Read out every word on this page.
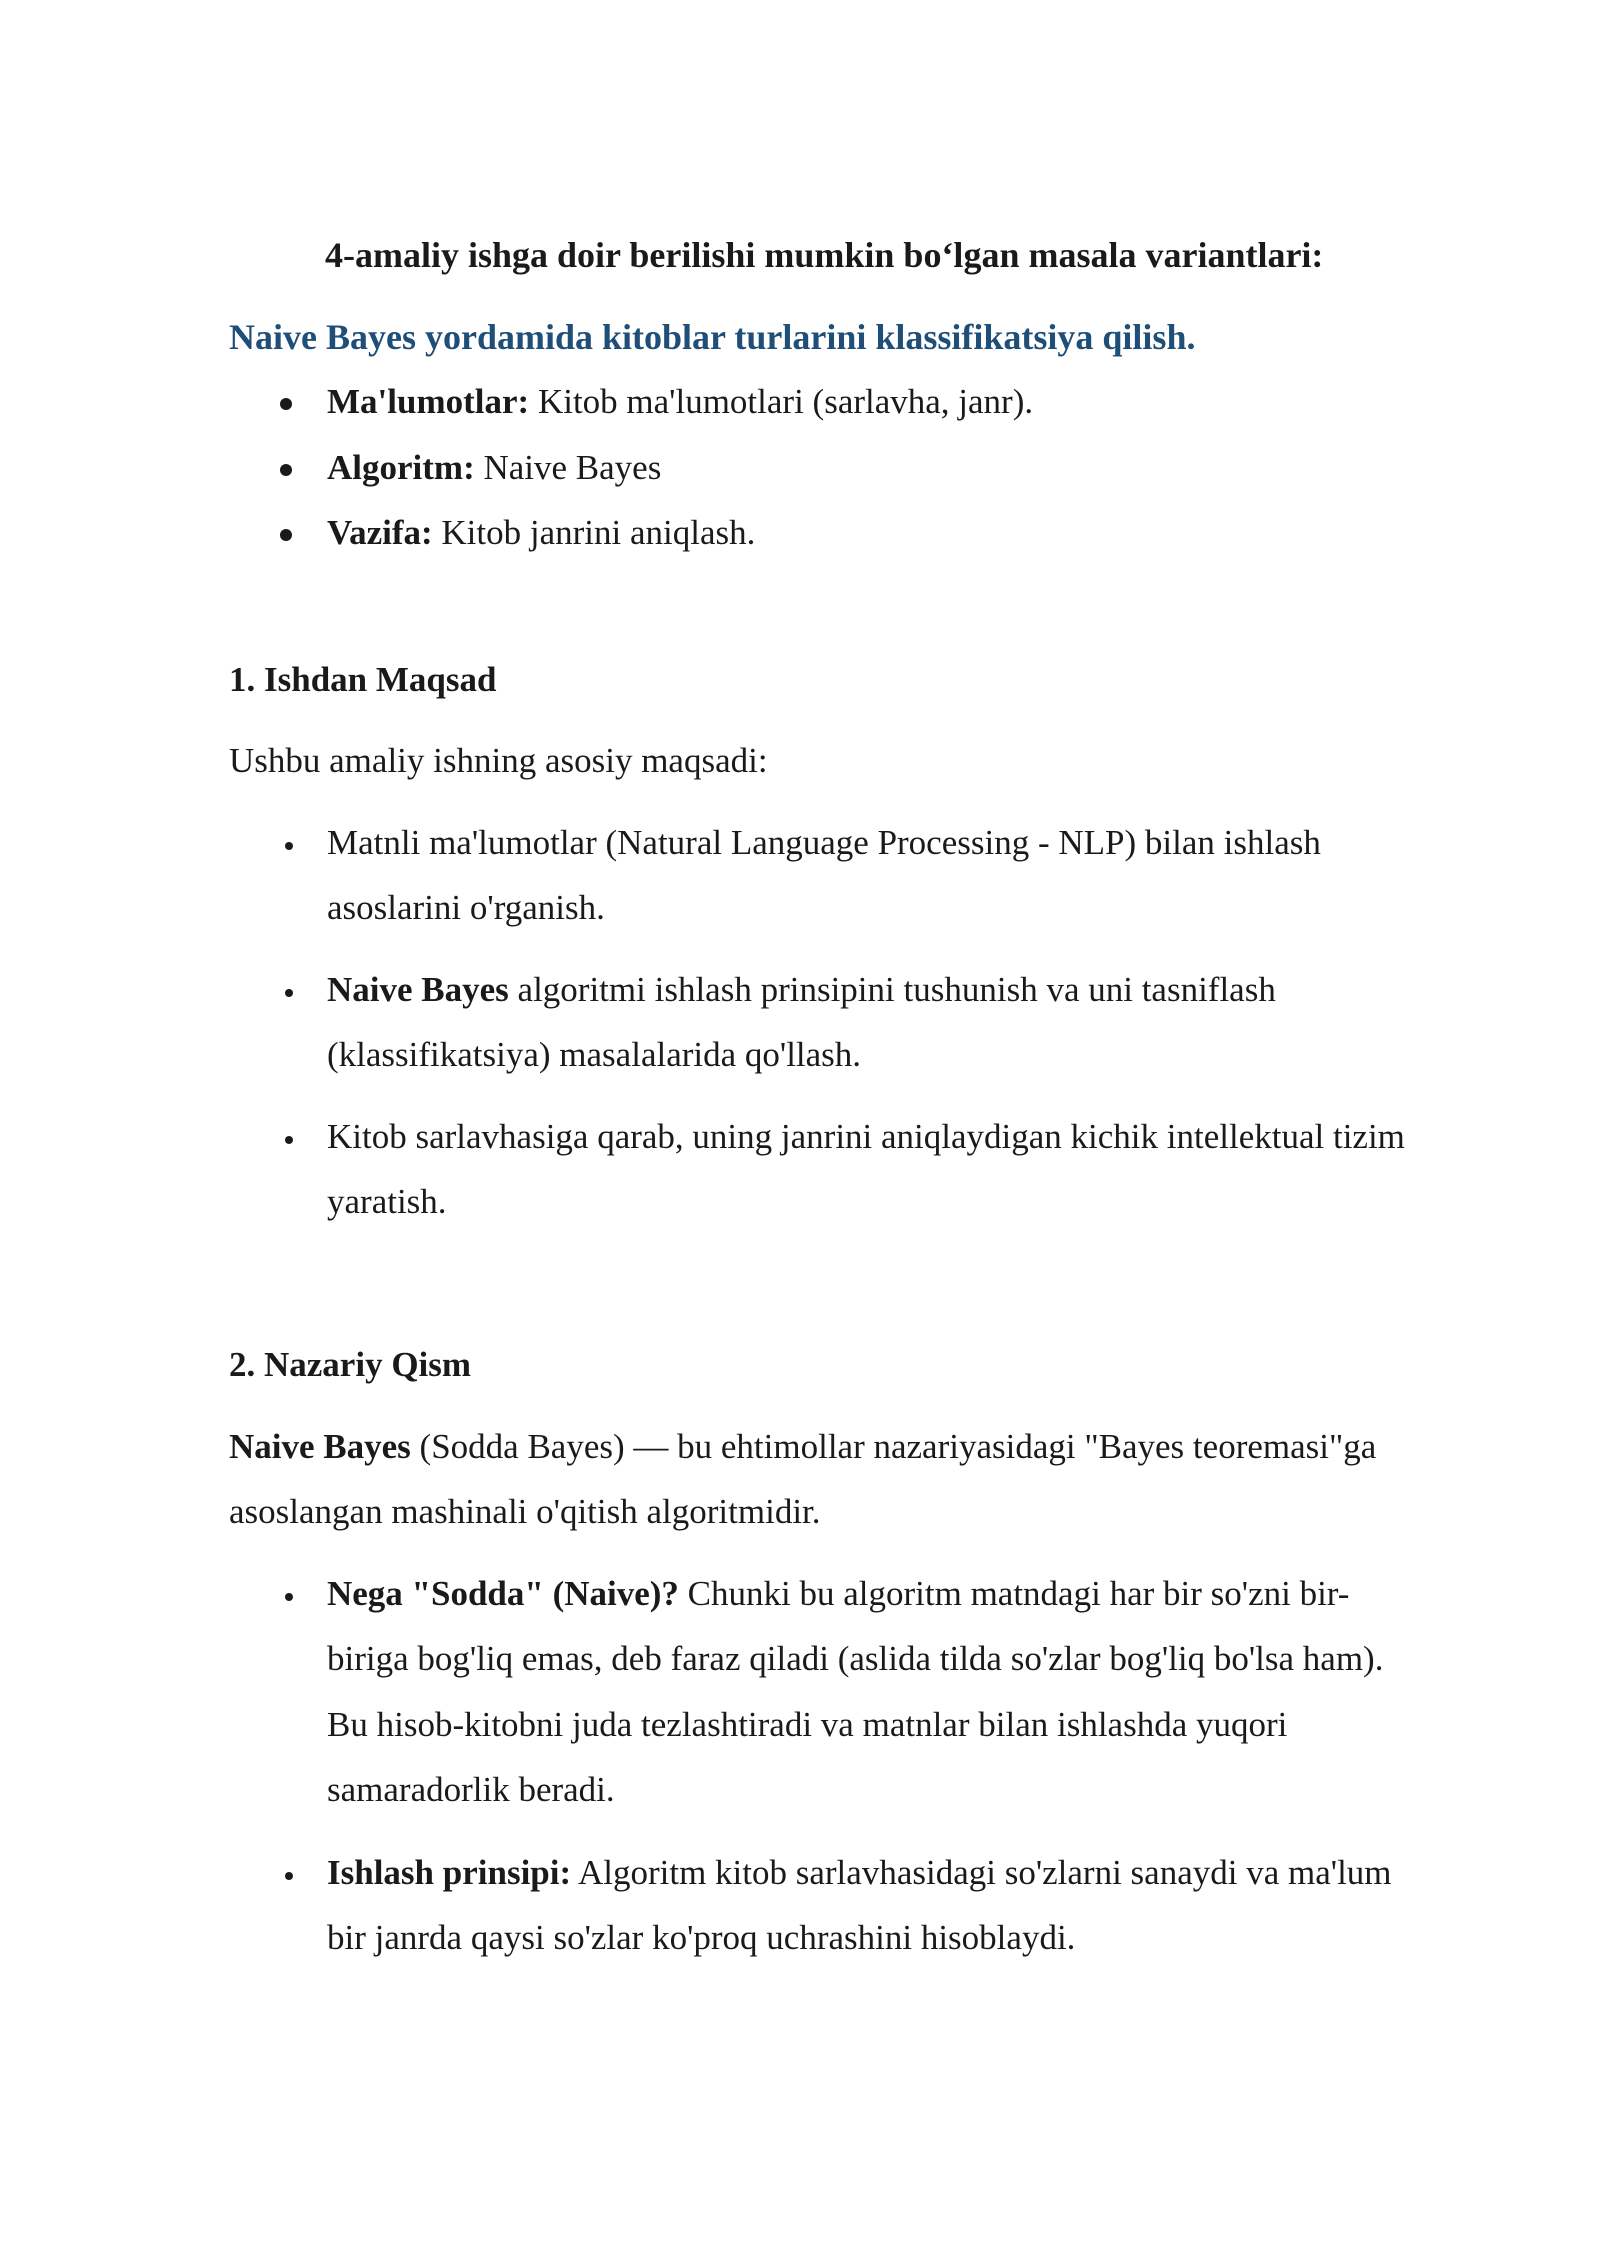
4-amaliy ishga doir berilishi mumkin bo‘lgan masala variantlari:
Naive Bayes yordamida kitoblar turlarini klassifikatsiya qilish.
Ma'lumotlar: Kitob ma'lumotlari (sarlavha, janr).
Algoritm: Naive Bayes
Vazifa: Kitob janrini aniqlash.
1. Ishdan Maqsad
Ushbu amaliy ishning asosiy maqsadi:
Matnli ma'lumotlar (Natural Language Processing - NLP) bilan ishlash
asoslarini o'rganish.
Naive Bayes algoritmi ishlash prinsipini tushunish va uni tasniflash
(klassifikatsiya) masalalarida qo'llash.
Kitob sarlavhasiga qarab, uning janrini aniqlaydigan kichik intellektual tizim
yaratish.
2. Nazariy Qism
Naive Bayes (Sodda Bayes) — bu ehtimollar nazariyasidagi "Bayes teoremasi"ga
asoslangan mashinali o'qitish algoritmidir.
Nega "Sodda" (Naive)? Chunki bu algoritm matndagi har bir so'zni bir-
biriga bog'liq emas, deb faraz qiladi (aslida tilda so'zlar bog'liq bo'lsa ham).
Bu hisob-kitobni juda tezlashtiradi va matnlar bilan ishlashda yuqori
samaradorlik beradi.
Ishlash prinsipi: Algoritm kitob sarlavhasidagi so'zlarni sanaydi va ma'lum
bir janrda qaysi so'zlar ko'proq uchrashini hisoblaydi.
